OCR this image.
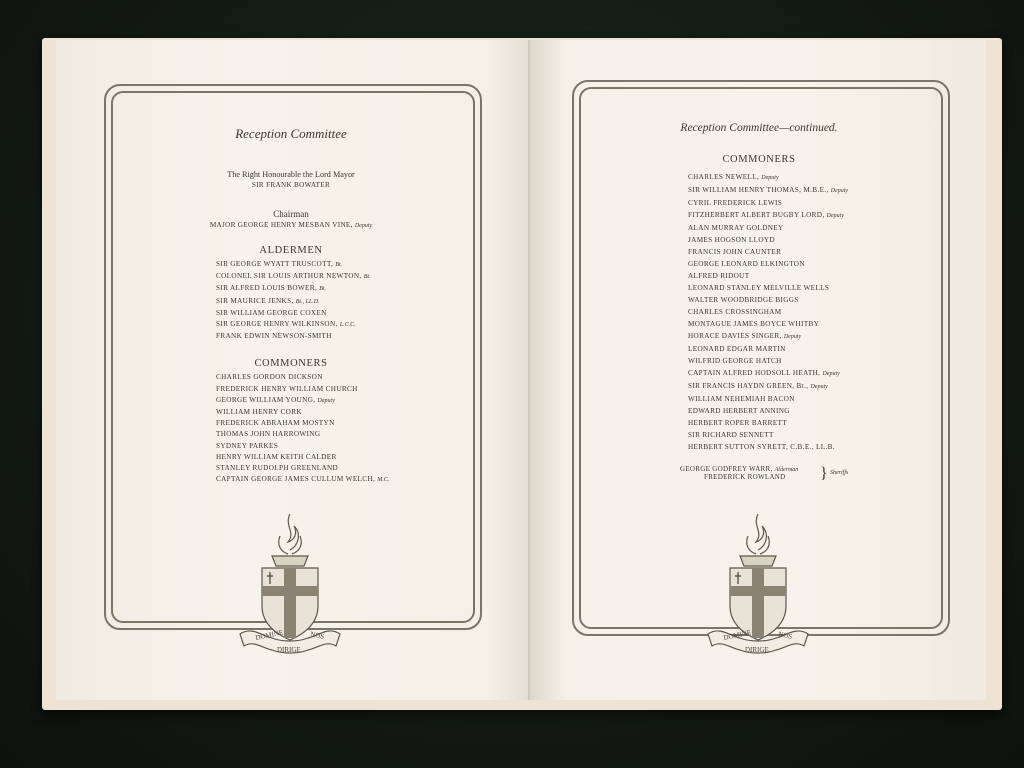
Reception Committee
The Right Honourable the Lord Mayor
SIR FRANK BOWATER
Chairman
MAJOR GEORGE HENRY MESBAN VINE, Deputy
ALDERMEN
SIR GEORGE WYATT TRUSCOTT, Bt.
COLONEL SIR LOUIS ARTHUR NEWTON, Bt.
SIR ALFRED LOUIS BOWER, Bt.
SIR MAURICE JENKS, Bt., LL.D.
SIR WILLIAM GEORGE COXEN
SIR GEORGE HENRY WILKINSON, L.C.C.
FRANK EDWIN NEWSON-SMITH
COMMONERS
CHARLES GORDON DICKSON
FREDERICK HENRY WILLIAM CHURCH
GEORGE WILLIAM YOUNG, Deputy
WILLIAM HENRY CORK
FREDERICK ABRAHAM MOSTYN
THOMAS JOHN HARROWING
SYDNEY PARKES
HENRY WILLIAM KEITH CALDER
STANLEY RUDOLPH GREENLAND
CAPTAIN GEORGE JAMES CULLUM WELCH, M.C.
DOMINE	NOS
DIRIGE
Reception Committee—continued.
COMMONERS
CHARLES NEWELL, Deputy
SIR WILLIAM HENRY THOMAS, M.B.E., Deputy
CYRIL FREDERICK LEWIS
FITZHERBERT ALBERT BUGBY LORD, Deputy
ALAN MURRAY GOLDNEY
JAMES HOGSON LLOYD
FRANCIS JOHN CAUNTER
GEORGE LEONARD ELKINGTON
ALFRED RIDOUT
LEONARD STANLEY MELVILLE WELLS
WALTER WOODBRIDGE BIGGS
CHARLES CROSSINGHAM
MONTAGUE JAMES BOYCE WHITBY
HORACE DAVIES SINGER, Deputy
LEONARD EDGAR MARTIN
WILFRID GEORGE HATCH
CAPTAIN ALFRED HODSOLL HEATH, Deputy
SIR FRANCIS HAYDN GREEN, Bt., Deputy
WILLIAM NEHEMIAH BACON
EDWARD HERBERT ANNING
HERBERT ROPER BARRETT
SIR RICHARD SENNETT
HERBERT SUTTON SYRETT, C.B.E., LL.B.
GEORGE GODFREY WARR, Alderman
FREDERICK ROWLAND	} Sheriffs
DOMINE	NOS
DIRIGE
